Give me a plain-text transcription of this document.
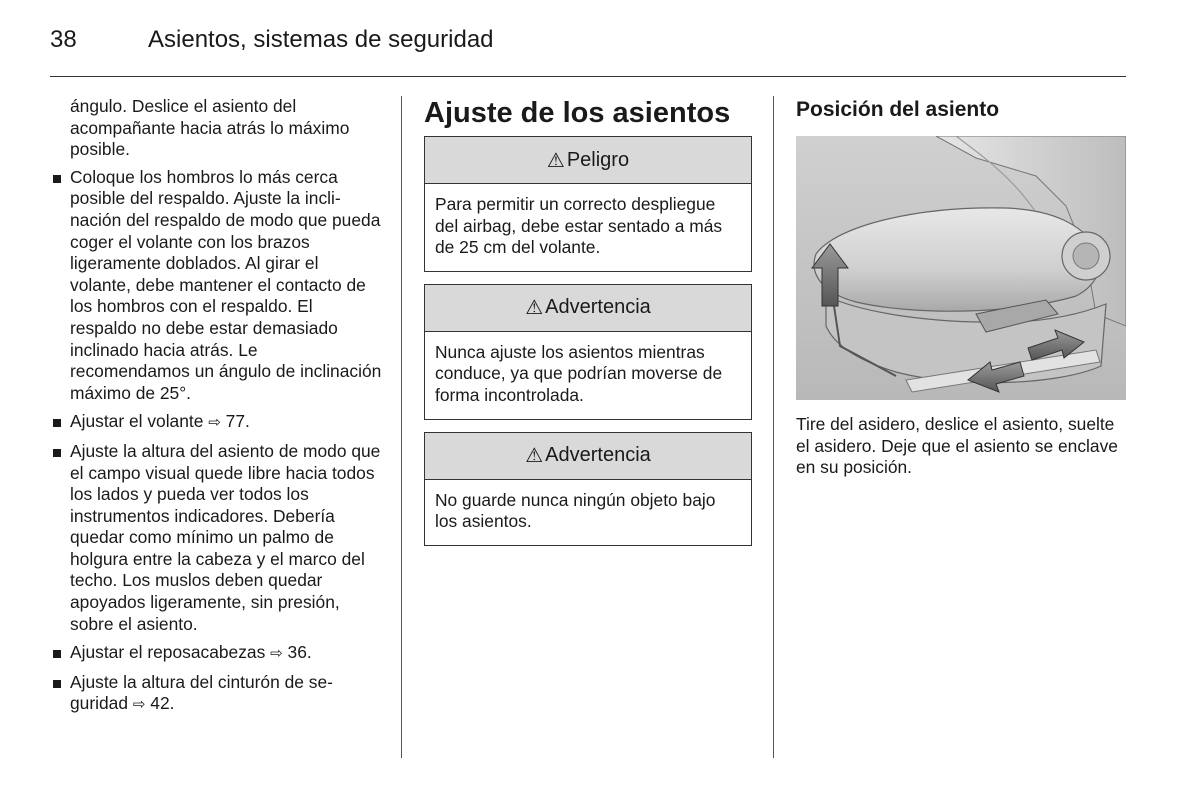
38	Asientos, sistemas de seguridad

ángulo. Deslice el asiento del acompañante hacia atrás lo máximo posible.

Coloque los hombros lo más cerca posible del respaldo. Ajuste la inclinación del respaldo de modo que pueda coger el volante con los brazos ligeramente doblados. Al girar el volante, debe mantener el contacto de los hombros con el respaldo. El respaldo no debe estar demasiado inclinado hacia atrás. Le recomendamos un ángulo de inclinación máximo de 25°.
Ajustar el volante ⇨ 77.
Ajuste la altura del asiento de modo que el campo visual quede libre hacia todos los lados y pueda ver todos los instrumentos indicadores. Debería quedar como mínimo un palmo de holgura entre la cabeza y el marco del techo. Los muslos deben quedar apoyados ligeramente, sin presión, sobre el asiento.
Ajustar el reposacabezas ⇨ 36.
Ajuste la altura del cinturón de seguridad ⇨ 42.
Ajuste de los asientos
⚠ Peligro
Para permitir un correcto despliegue del airbag, debe estar sentado a más de 25 cm del volante.
⚠ Advertencia
Nunca ajuste los asientos mientras conduce, ya que podrían moverse de forma incontrolada.
⚠ Advertencia
No guarde nunca ningún objeto bajo los asientos.
Posición del asiento

Tire del asidero, deslice el asiento, suelte el asidero. Deje que el asiento se enclave en su posición.
